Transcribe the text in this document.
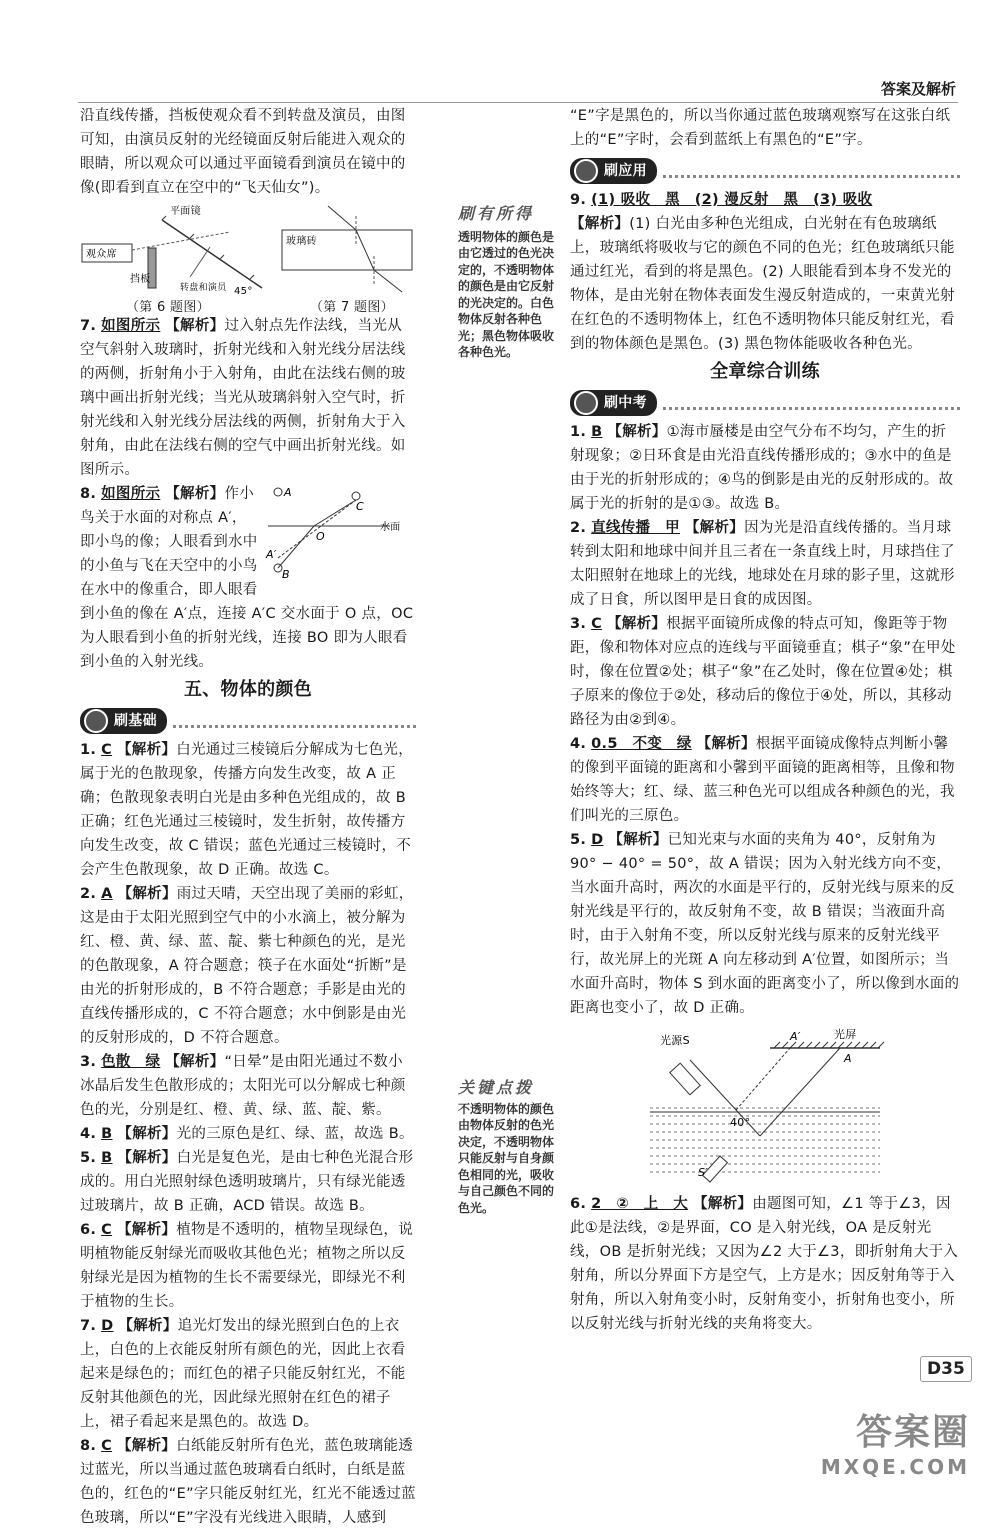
答案及解析

沿直线传播，挡板使观众看不到转盘及演员，由图可知，由演员反射的光经镜面反射后能进入观众的眼睛，所以观众可以通过平面镜看到演员在镜中的像(即看到直立在空中的“飞天仙女”)。

平面镜
观众席
挡板
转盘和演员 45°
玻璃砖
（第 6 题图）	（第 7 题图）

7. 如图所示 【解析】过入射点先作法线，当光从空气斜射入玻璃时，折射光线和入射光线分居法线的两侧，折射角小于入射角，由此在法线右侧的玻璃中画出折射光线；当光从玻璃斜射入空气时，折射光线和入射光线分居法线的两侧，折射角大于入射角，由此在法线右侧的空气中画出折射光线。如图所示。

水面
A
C
O
A′
B

8. 如图所示 【解析】作小鸟关于水面的对称点 A′，即小鸟的像；人眼看到水中的小鱼与飞在天空中的小鸟在水中的像重合，即人眼看到小鱼的像在 A′点，连接 A′C 交水面于 O 点，OC 为人眼看到小鱼的折射光线，连接 BO 即为人眼看到小鱼的入射光线。

五、物体的颜色
刷基础

1. C 【解析】白光通过三棱镜后分解成为七色光，属于光的色散现象，传播方向发生改变，故 A 正确；色散现象表明白光是由多种色光组成的，故 B 正确；红色光通过三棱镜时，发生折射，故传播方向发生改变，故 C 错误；蓝色光通过三棱镜时，不会产生色散现象，故 D 正确。故选 C。

2. A 【解析】雨过天晴，天空出现了美丽的彩虹，这是由于太阳光照到空气中的小水滴上，被分解为红、橙、黄、绿、蓝、靛、紫七种颜色的光，是光的色散现象，A 符合题意；筷子在水面处“折断”是由光的折射形成的，B 不符合题意；手影是由光的直线传播形成的，C 不符合题意；水中倒影是由光的反射形成的，D 不符合题意。

3. 色散　绿 【解析】“日晕”是由阳光通过不数小冰晶后发生色散形成的；太阳光可以分解成七种颜色的光，分别是红、橙、黄、绿、蓝、靛、紫。

4. B 【解析】光的三原色是红、绿、蓝，故选 B。

5. B 【解析】白光是复色光，是由七种色光混合形成的。用白光照射绿色透明玻璃片，只有绿光能透过玻璃片，故 B 正确，ACD 错误。故选 B。

6. C 【解析】植物是不透明的，植物呈现绿色，说明植物能反射绿光而吸收其他色光；植物之所以反射绿光是因为植物的生长不需要绿光，即绿光不利于植物的生长。

7. D 【解析】追光灯发出的绿光照到白色的上衣上，白色的上衣能反射所有颜色的光，因此上衣看起来是绿色的；而红色的裙子只能反射红光，不能反射其他颜色的光，因此绿光照射在红色的裙子上，裙子看起来是黑色的。故选 D。

8. C 【解析】白纸能反射所有色光，蓝色玻璃能透过蓝光，所以当通过蓝色玻璃看白纸时，白纸是蓝色的，红色的“E”字只能反射红光，红光不能透过蓝色玻璃，所以“E”字没有光线进入眼睛，人感到

刷有所得
透明物体的颜色是由它透过的色光决定的，不透明物体的颜色是由它反射的光决定的。白色物体反射各种色光；黑色物体吸收各种色光。
关键点拨
不透明物体的颜色由物体反射的色光决定，不透明物体只能反射与自身颜色相同的光，吸收与自己颜色不同的色光。

“E”字是黑色的，所以当你通过蓝色玻璃观察写在这张白纸上的“E”字时，会看到蓝纸上有黑色的“E”字。

刷应用

9. (1) 吸收　黑　(2) 漫反射　黑　(3) 吸收
【解析】(1) 白光由多种色光组成，白光射在有色玻璃纸上，玻璃纸将吸收与它的颜色不同的色光；红色玻璃纸只能通过红光，看到的将是黑色。(2) 人眼能看到本身不发光的物体，是由光射在物体表面发生漫反射造成的，一束黄光射在红色的不透明物体上，红色不透明物体只能反射红光，看到的物体颜色是黑色。(3) 黑色物体能吸收各种色光。

全章综合训练
刷中考

1. B 【解析】①海市蜃楼是由空气分布不均匀，产生的折射现象；②日环食是由光沿直线传播形成的；③水中的鱼是由于光的折射形成的；④鸟的倒影是由光的反射形成的。故属于光的折射的是①③。故选 B。

2. 直线传播　甲 【解析】因为光是沿直线传播的。当月球转到太阳和地球中间并且三者在一条直线上时，月球挡住了太阳照射在地球上的光线，地球处在月球的影子里，这就形成了日食，所以图甲是日食的成因图。

3. C 【解析】根据平面镜所成像的特点可知，像距等于物距，像和物体对应点的连线与平面镜垂直；棋子“象”在甲处时，像在位置②处；棋子“象”在乙处时，像在位置④处；棋子原来的像位于②处，移动后的像位于④处，所以，其移动路径为由②到④。

4. 0.5　不变　绿 【解析】根据平面镜成像特点判断小馨的像到平面镜的距离和小馨到平面镜的距离相等，且像和物始终等大；红、绿、蓝三种色光可以组成各种颜色的光，我们叫光的三原色。

5. D 【解析】已知光束与水面的夹角为 40°，反射角为 90° − 40° = 50°，故 A 错误；因为入射光线方向不变，当水面升高时，两次的水面是平行的，反射光线与原来的反射光线是平行的，故反射角不变，故 B 错误；当液面升高时，由于入射角不变，所以反射光线与原来的反射光线平行，故光屏上的光斑 A 向左移动到 A′位置，如图所示；当水面升高时，物体 S 到水面的距离变小了，所以像到水面的距离也变小了，故 D 正确。

光源S	光屏
A′
A
40°
S′

6. 2　②　上　大 【解析】由题图可知，∠1 等于∠3，因此①是法线，②是界面，CO 是入射光线，OA 是反射光线，OB 是折射光线；又因为∠2 大于∠3，即折射角大于入射角，所以分界面下方是空气，上方是水；因反射角等于入射角，所以入射角变小时，反射角变小，折射角也变小，所以反射光线与折射光线的夹角将变大。

D35
答案圈
MXQE.COM
